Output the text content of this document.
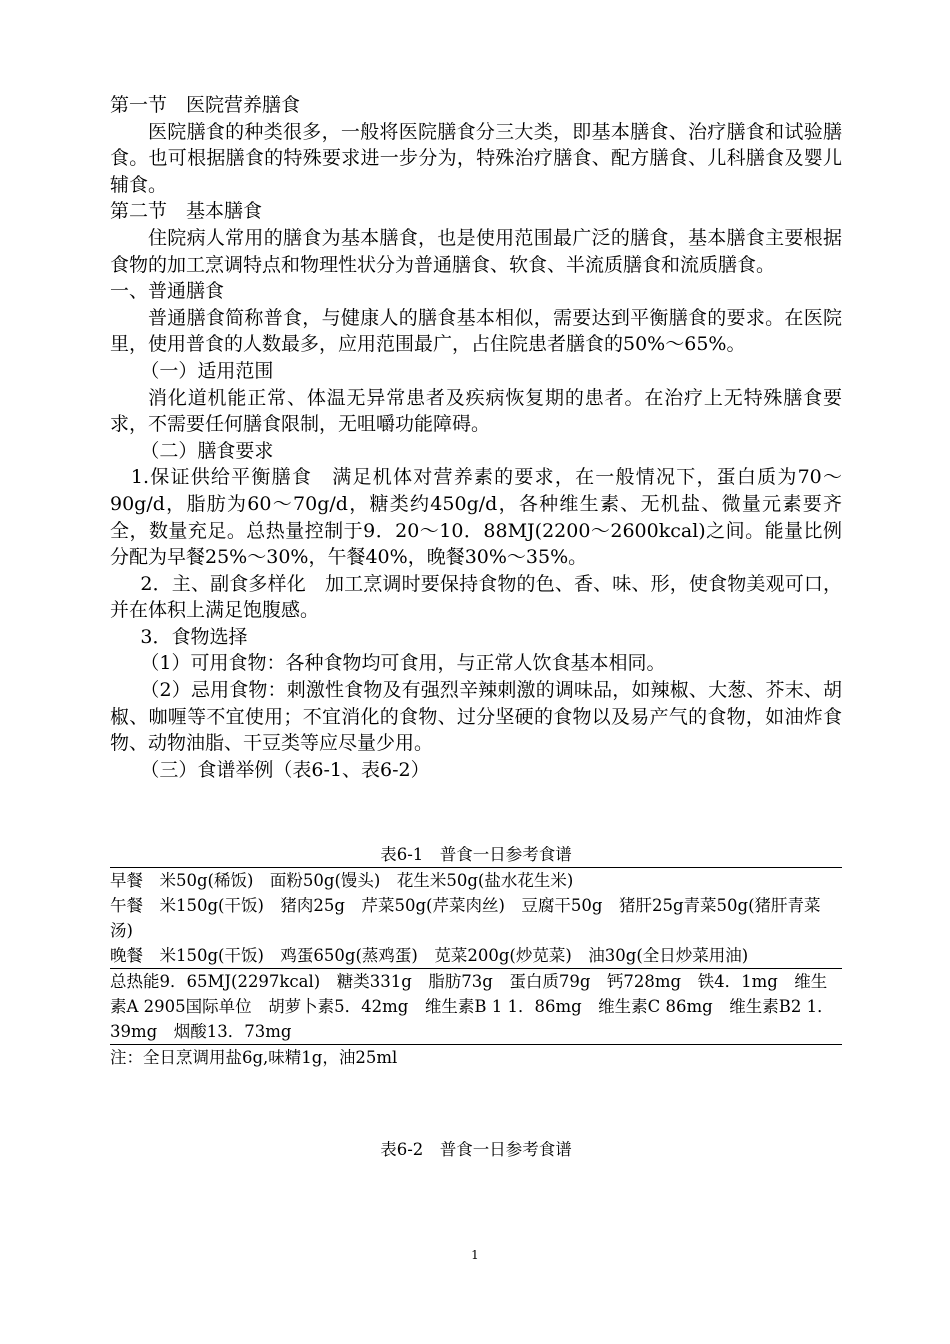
第一节　医院营养膳食

医院膳食的种类很多，一般将医院膳食分三大类，即基本膳食、治疗膳食和试验膳食。也可根据膳食的特殊要求进一步分为，特殊治疗膳食、配方膳食、儿科膳食及婴儿辅食。

第二节　基本膳食

住院病人常用的膳食为基本膳食，也是使用范围最广泛的膳食，基本膳食主要根据食物的加工烹调特点和物理性状分为普通膳食、软食、半流质膳食和流质膳食。

一、普通膳食

普通膳食简称普食，与健康人的膳食基本相似，需要达到平衡膳食的要求。在医院里，使用普食的人数最多，应用范围最广，占住院患者膳食的50%～65%。

（一）适用范围

消化道机能正常、体温无异常患者及疾病恢复期的患者。在治疗上无特殊膳食要求，不需要任何膳食限制，无咀嚼功能障碍。

（二）膳食要求

1.保证供给平衡膳食　满足机体对营养素的要求，在一般情况下，蛋白质为70～90g/d，脂肪为60～70g/d，糖类约450g/d，各种维生素、无机盐、微量元素要齐全，数量充足。总热量控制于9．20～10．88MJ(2200～2600kcal)之间。能量比例分配为早餐25%～30%，午餐40%，晚餐30%～35%。

2．主、副食多样化　加工烹调时要保持食物的色、香、味、形，使食物美观可口，并在体积上满足饱腹感。

3．食物选择

（1）可用食物：各种食物均可食用，与正常人饮食基本相同。

（2）忌用食物：刺激性食物及有强烈辛辣刺激的调味品，如辣椒、大葱、芥末、胡椒、咖喱等不宜使用；不宜消化的食物、过分坚硬的食物以及易产气的食物，如油炸食物、动物油脂、干豆类等应尽量少用。

（三）食谱举例（表6-1、表6-2）

表6-1　普食一日参考食谱

早餐　米50g(稀饭)　面粉50g(馒头)　花生米50g(盐水花生米)

午餐　米150g(干饭)　猪肉25g　芹菜50g(芹菜肉丝)　豆腐干50g　猪肝25g青菜50g(猪肝青菜汤)

晚餐　米150g(干饭)　鸡蛋650g(蒸鸡蛋)　苋菜200g(炒苋菜)　油30g(全日炒菜用油)

总热能9．65MJ(2297kcal)　糖类331g　脂肪73g　蛋白质79g　钙728mg　铁4．1mg　维生素A 2905国际单位　胡萝卜素5．42mg　维生素B 1 1．86mg　维生素C 86mg　维生素B2 1．39mg　烟酸13．73mg

注：全日烹调用盐6g,味精1g，油25ml

表6-2　普食一日参考食谱

1
